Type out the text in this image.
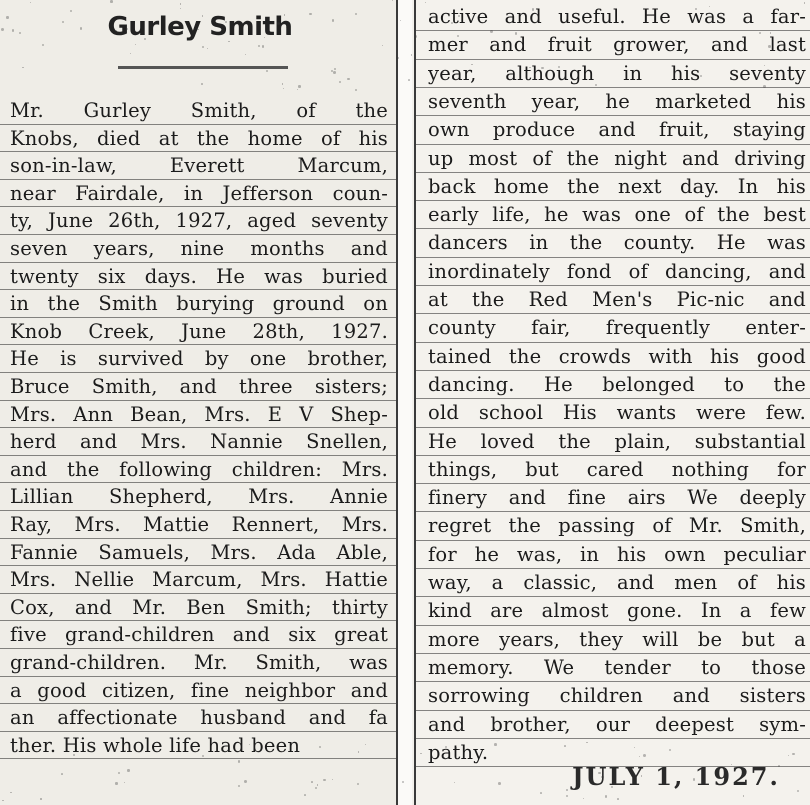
Gurley Smith
Mr. Gurley Smith, of the
Knobs, died at the home of his
son-in-law, Everett Marcum,
near Fairdale, in Jefferson coun-
ty, June 26th, 1927, aged seventy
seven years, nine months and
twenty six days. He was buried
in the Smith burying ground on
Knob Creek, June 28th, 1927.
He is survived by one brother,
Bruce Smith, and three sisters;
Mrs. Ann Bean, Mrs. E V Shep-
herd and Mrs. Nannie Snellen,
and the following children: Mrs.
Lillian Shepherd, Mrs. Annie
Ray, Mrs. Mattie Rennert, Mrs.
Fannie Samuels, Mrs. Ada Able,
Mrs. Nellie Marcum, Mrs. Hattie
Cox, and Mr. Ben Smith; thirty
five grand-children and six great
grand-children. Mr. Smith, was
a good citizen, fine neighbor and
an affectionate husband and fa
ther. His whole life had been
active and useful. He was a far-
mer and fruit grower, and last
year, although in his seventy
seventh year, he marketed his
own produce and fruit, staying
up most of the night and driving
back home the next day. In his
early life, he was one of the best
dancers in the county. He was
inordinately fond of dancing, and
at the Red Men's Pic-nic and
county fair, frequently enter-
tained the crowds with his good
dancing. He belonged to the
old school His wants were few.
He loved the plain, substantial
things, but cared nothing for
finery and fine airs We deeply
regret the passing of Mr. Smith,
for he was, in his own peculiar
way, a classic, and men of his
kind are almost gone. In a few
more years, they will be but a
memory. We tender to those
sorrowing children and sisters
and brother, our deepest sym-
pathy.
JULY 1, 1927.
